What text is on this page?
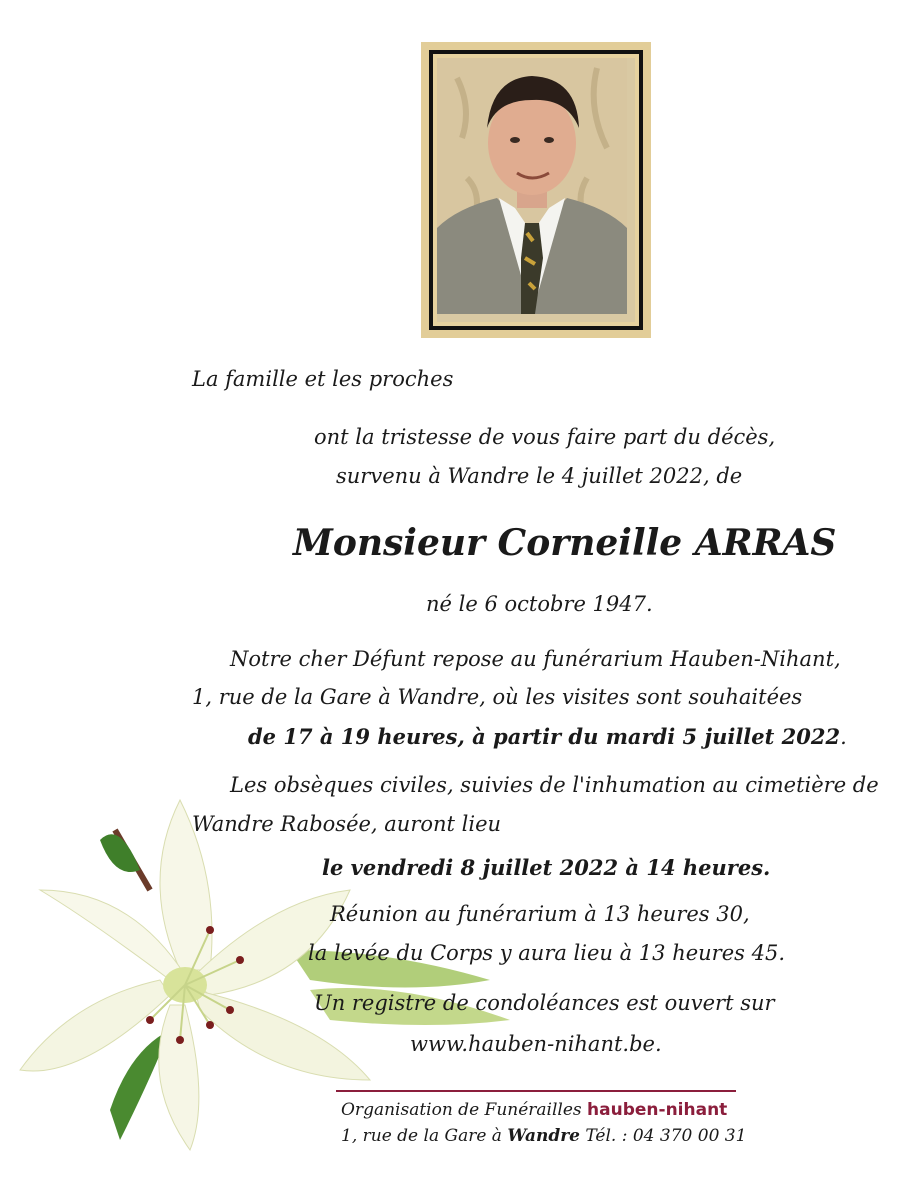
La famille et les proches
ont la tristesse de vous faire part du décès,
survenu à Wandre le 4 juillet 2022, de
Monsieur Corneille ARRAS
né le 6 octobre 1947.
Notre cher Défunt repose au funérarium Hauben-Nihant,
1, rue de la Gare à Wandre, où les visites sont souhaitées
de 17 à 19 heures, à partir du mardi 5 juillet 2022.
Les obsèques civiles, suivies de l'inhumation au cimetière de
Wandre Rabosée, auront lieu
le vendredi 8 juillet 2022 à 14 heures.
Réunion au funérarium à 13 heures 30,
la levée du Corps y aura lieu à 13 heures 45.
Un registre de condoléances est ouvert sur
www.hauben-nihant.be.
Organisation de Funérailles hauben-nihant
1, rue de la Gare à Wandre Tél. : 04 370 00 31
